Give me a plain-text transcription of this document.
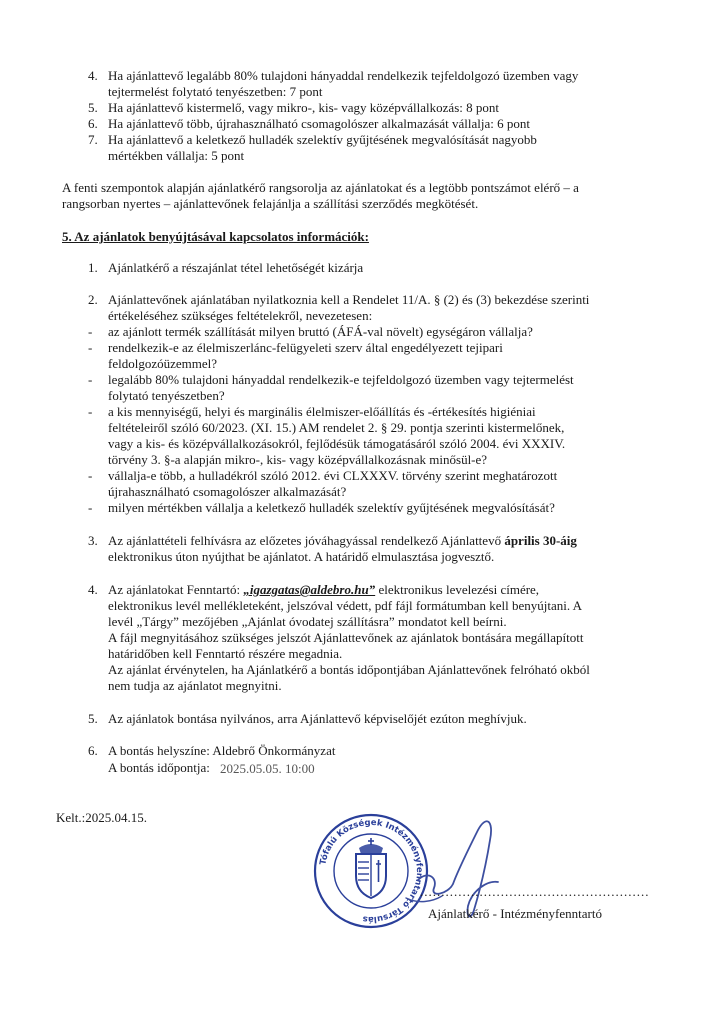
4. Ha ajánlattevő legalább 80% tulajdoni hányaddal rendelkezik tejfeldolgozó üzemben vagy
tejtermelést folytató tenyészetben: 7 pont
5. Ha ajánlattevő kistermelő, vagy mikro-, kis- vagy középvállalkozás: 8 pont
6. Ha ajánlattevő több, újrahasználható csomagolószer alkalmazását vállalja: 6 pont
7. Ha ajánlattevő a keletkező hulladék szelektív gyűjtésének megvalósítását nagyobb
mértékben vállalja: 5 pont
A fenti szempontok alapján ajánlatkérő rangsorolja az ajánlatokat és a legtöbb pontszámot elérő – a
rangsorban nyertes – ajánlattevőnek felajánlja a szállítási szerződés megkötését.
5. Az ajánlatok benyújtásával kapcsolatos információk:
1. Ajánlatkérő a részajánlat tétel lehetőségét kizárja
2. Ajánlattevőnek ajánlatában nyilatkoznia kell a Rendelet 11/A. § (2) és (3) bekezdése szerinti
értékeléséhez szükséges feltételekről, nevezetesen:
- az ajánlott termék szállítását milyen bruttó (ÁFÁ-val növelt) egységáron vállalja?
- rendelkezik-e az élelmiszerlánc-felügyeleti szerv által engedélyezett tejipari
feldolgozóüzemmel?
- legalább 80% tulajdoni hányaddal rendelkezik-e tejfeldolgozó üzemben vagy tejtermelést
folytató tenyészetben?
- a kis mennyiségű, helyi és marginális élelmiszer-előállítás és -értékesítés higiéniai
feltételeiről szóló 60/2023. (XI. 15.) AM rendelet 2. § 29. pontja szerinti kistermelőnek,
vagy a kis- és középvállalkozásokról, fejlődésük támogatásáról szóló 2004. évi XXXIV.
törvény 3. §-a alapján mikro-, kis- vagy középvállalkozásnak minősül-e?
- vállalja-e több, a hulladékról szóló 2012. évi CLXXXV. törvény szerint meghatározott
újrahasználható csomagolószer alkalmazását?
- milyen mértékben vállalja a keletkező hulladék szelektív gyűjtésének megvalósítását?
3. Az ajánlattételi felhívásra az előzetes jóváhagyással rendelkező Ajánlattevő április 30-áig
elektronikus úton nyújthat be ajánlatot. A határidő elmulasztása jogvesztő.
4. Az ajánlatokat Fenntartó: „igazgatas@aldebro.hu” elektronikus levelezési címére,
elektronikus levél mellékleteként, jelszóval védett, pdf fájl formátumban kell benyújtani. A
levél „Tárgy” mezőjében „Ajánlat óvodatej szállításra” mondatot kell beírni.
A fájl megnyitásához szükséges jelszót Ajánlattevőnek az ajánlatok bontására megállapított
határidőben kell Fenntartó részére megadnia.
Az ajánlat érvénytelen, ha Ajánlatkérő a bontás időpontjában Ajánlattevőnek felróható okból
nem tudja az ajánlatot megnyitni.
5. Az ajánlatok bontása nyilvános, arra Ajánlattevő képviselőjét ezúton meghívjuk.
6. A bontás helyszíne: Aldebrő Önkormányzat
A bontás időpontja: 2025.05.05. 10:00
Kelt.:2025.04.15.
Tófalú Községek Intézményfenntartó Társulás
......................................................
Ajánlatkérő - Intézményfenntartó
